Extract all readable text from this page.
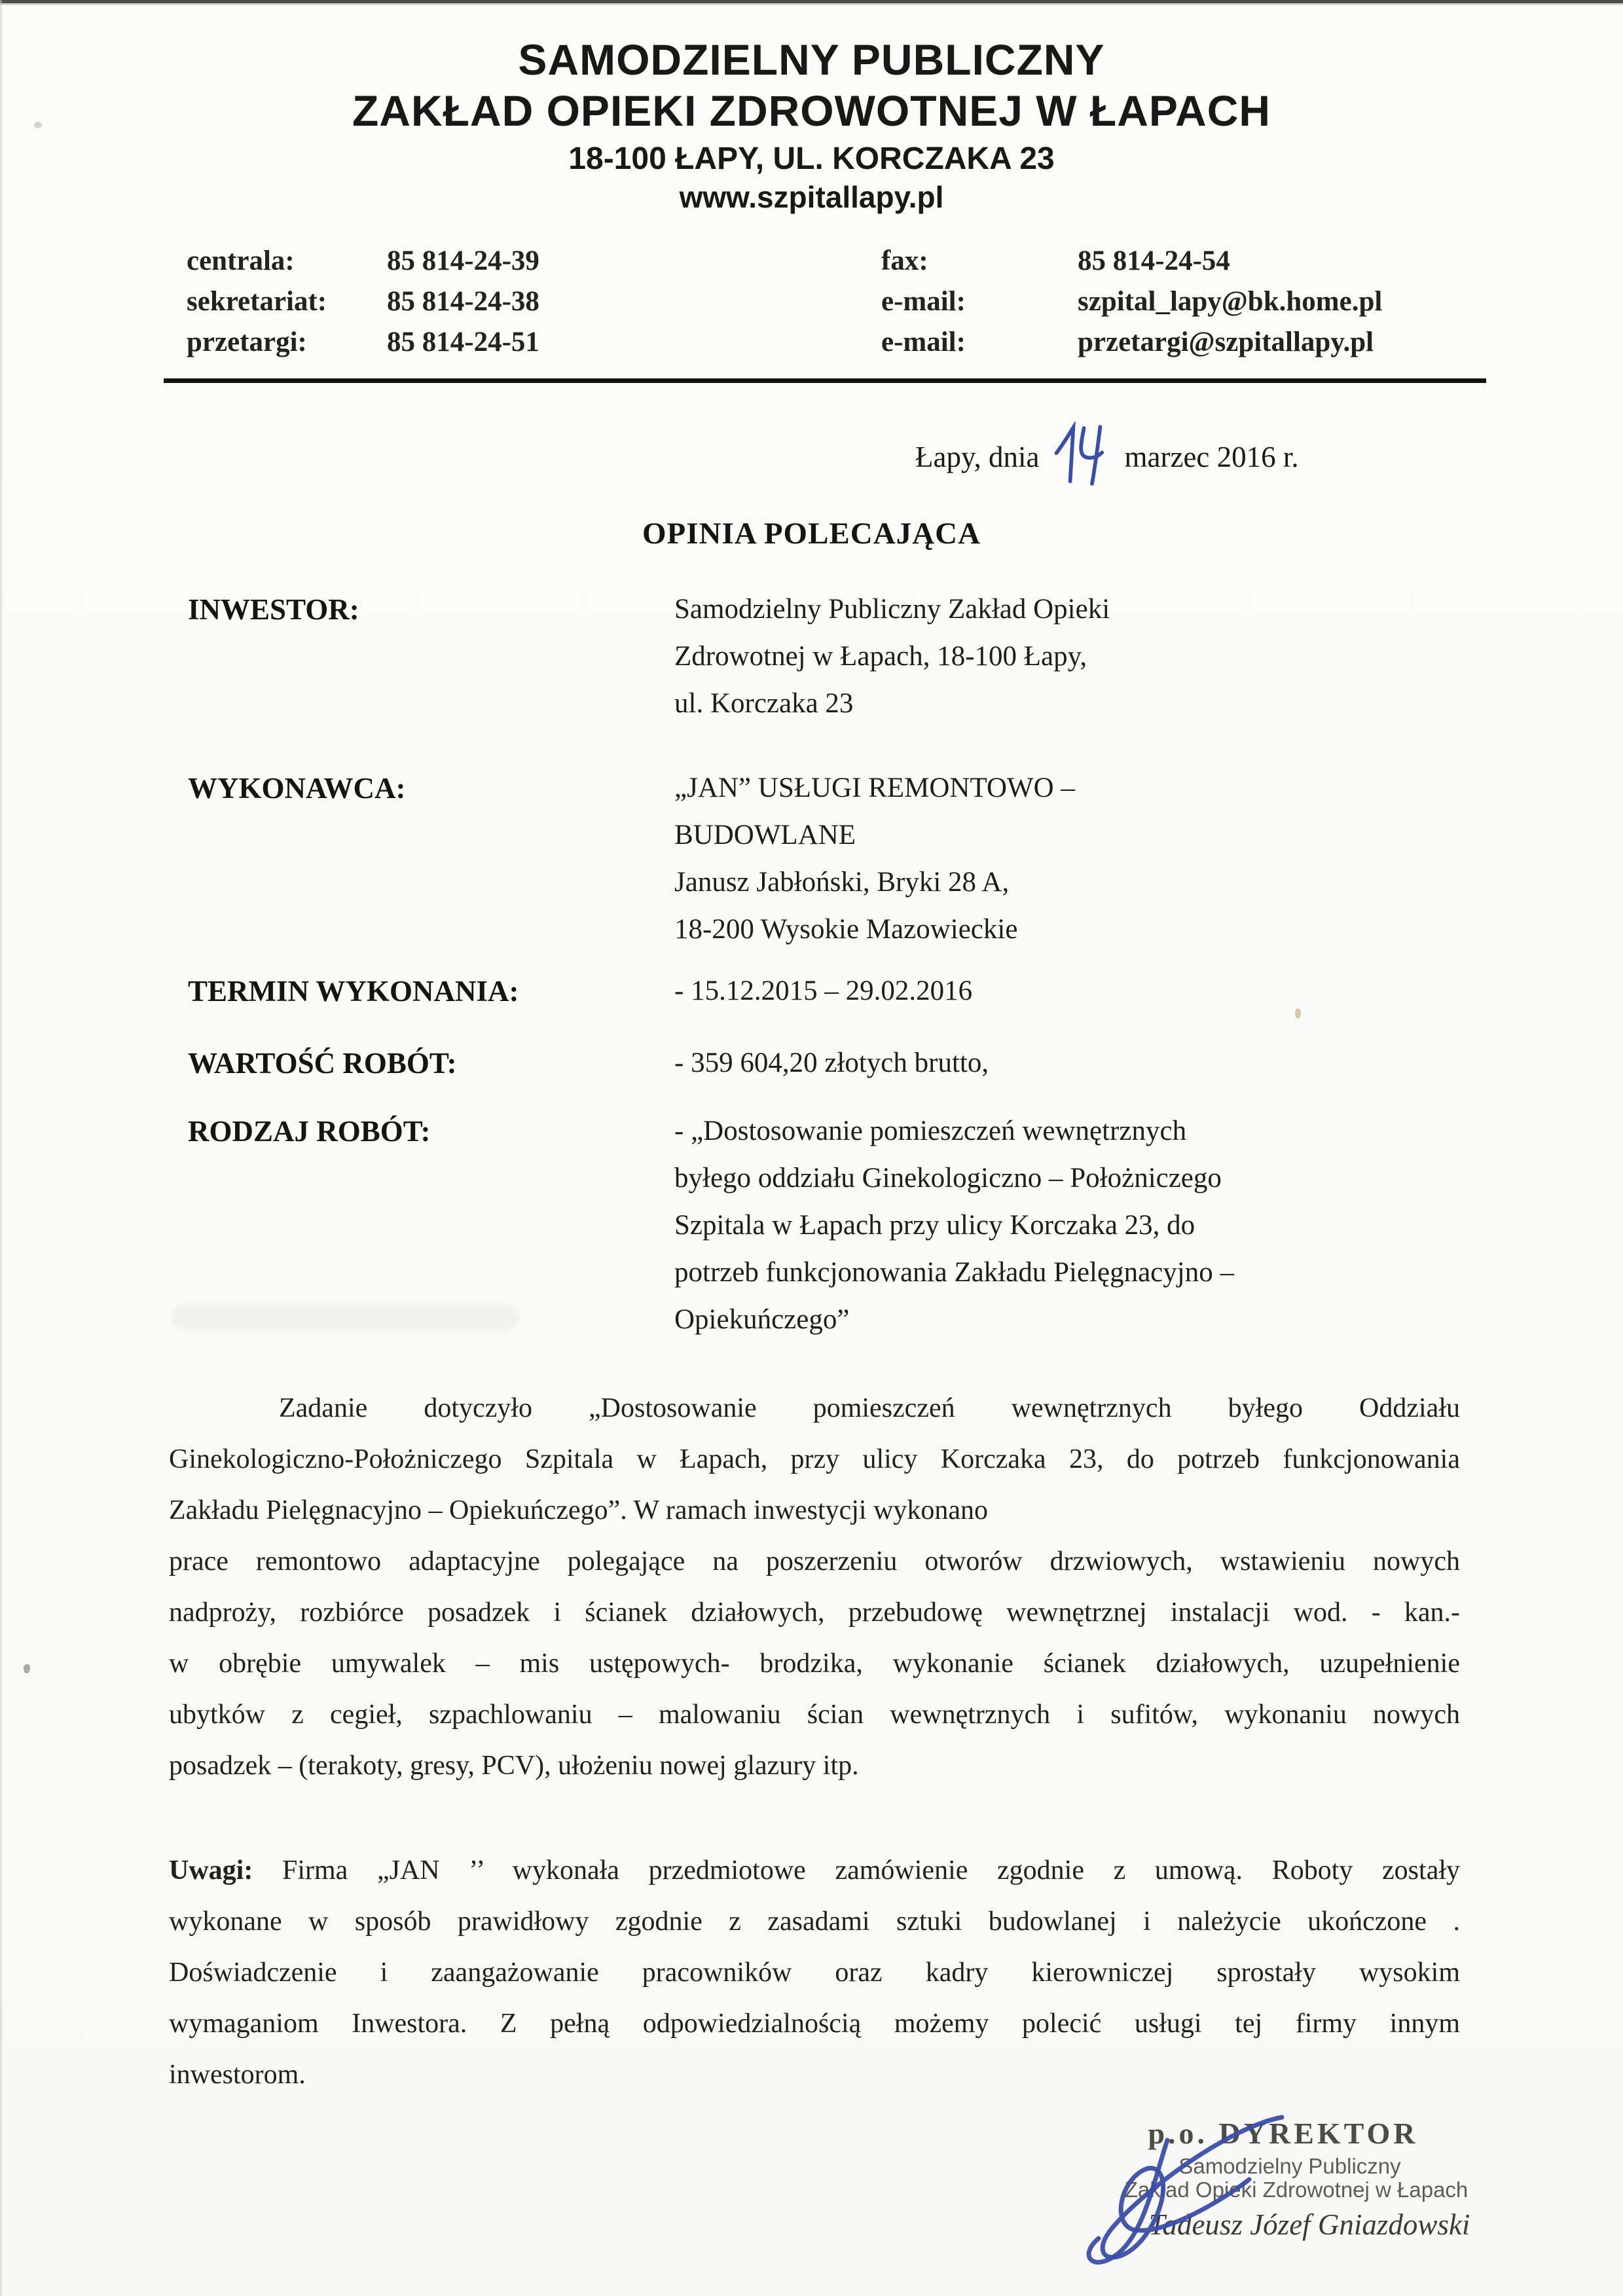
SAMODZIELNY PUBLICZNY
ZAKŁAD OPIEKI ZDROWOTNEJ W ŁAPACH
18-100 ŁAPY, UL. KORCZAKA 23
www.szpitallapy.pl
centrala:	85 814-24-39	fax:	85 814-24-54
sekretariat:	85 814-24-38	e-mail:	szpital_lapy@bk.home.pl
przetargi:	85 814-24-51	e-mail:	przetargi@szpitallapy.pl
Łapy, dnia	marzec 2016 r.
OPINIA POLECAJĄCA
INWESTOR:	Samodzielny Publiczny Zakład Opieki
Zdrowotnej w Łapach, 18-100 Łapy,
ul. Korczaka 23
WYKONAWCA:	„JAN” USŁUGI REMONTOWO –
BUDOWLANE
Janusz Jabłoński, Bryki 28 A,
18-200 Wysokie Mazowieckie
TERMIN WYKONANIA:	- 15.12.2015 – 29.02.2016
WARTOŚĆ ROBÓT:	- 359 604,20 złotych brutto,
RODZAJ ROBÓT:	- „Dostosowanie pomieszczeń wewnętrznych
byłego oddziału Ginekologiczno – Położniczego
Szpitala w Łapach przy ulicy Korczaka 23, do
potrzeb funkcjonowania Zakładu Pielęgnacyjno –
Opiekuńczego”
Zadanie dotyczyło „Dostosowanie pomieszczeń wewnętrznych byłego Oddziału
Ginekologiczno-Położniczego Szpitala w Łapach, przy ulicy Korczaka 23, do potrzeb funkcjonowania
Zakładu Pielęgnacyjno – Opiekuńczego”. W ramach inwestycji wykonano
prace remontowo adaptacyjne polegające na poszerzeniu otworów drzwiowych, wstawieniu nowych
nadproży, rozbiórce posadzek i ścianek działowych, przebudowę wewnętrznej instalacji wod. - kan.-
w obrębie umywalek – mis ustępowych- brodzika, wykonanie ścianek działowych, uzupełnienie
ubytków z cegieł, szpachlowaniu – malowaniu ścian wewnętrznych i sufitów, wykonaniu nowych
posadzek – (terakoty, gresy, PCV), ułożeniu nowej glazury itp.
Uwagi: Firma „JAN ’’ wykonała przedmiotowe zamówienie zgodnie z umową. Roboty zostały
wykonane w sposób prawidłowy zgodnie z zasadami sztuki budowlanej i należycie ukończone .
Doświadczenie i zaangażowanie pracowników oraz kadry kierowniczej sprostały wysokim
wymaganiom Inwestora. Z pełną odpowiedzialnością możemy polecić usługi tej firmy innym
inwestorom.
p.o. DYREKTOR
Samodzielny Publiczny
Zakład Opieki Zdrowotnej w Łapach
Tadeusz Józef Gniazdowski
